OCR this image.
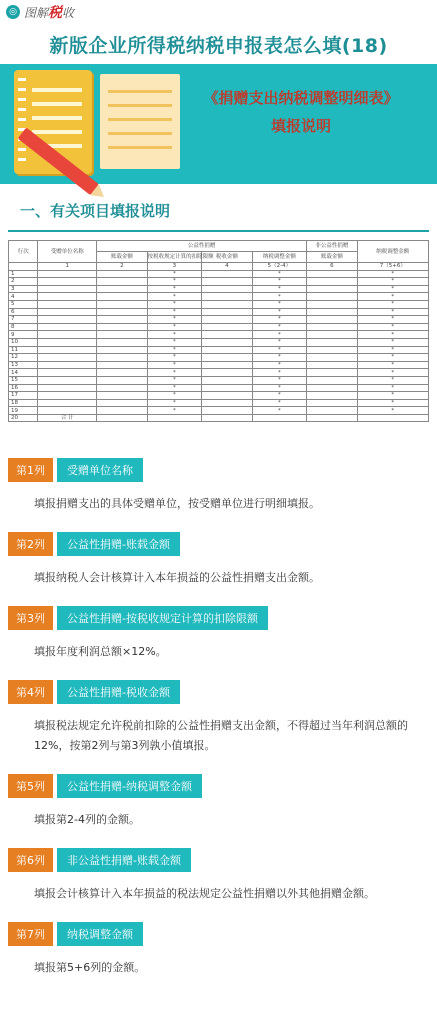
◎ 图解税收
新版企业所得税纳税申报表怎么填(18)
《捐赠支出纳税调整明细表》
填报说明
一、有关项目填报说明
行次	受赠单位名称	公益性捐赠				非公益性捐赠	纳税调整金额
		账载金额	按税收规定计算的扣除限额	税收金额	纳税调整金额	账载金额	
	1	2	3	4	5（2-4）	6	7（5+6）
1			*		*		*
2			*		*		*
3			*		*		*
4			*		*		*
5			*		*		*
6			*		*		*
7			*		*		*
8			*		*		*
9			*		*		*
10			*		*		*
11			*		*		*
12			*		*		*
13			*		*		*
14			*		*		*
15			*		*		*
16			*		*		*
17			*		*		*
18			*		*		*
19			*		*		*
20	合 计						
第1列	受赠单位名称
填报捐赠支出的具体受赠单位，按受赠单位进行明细填报。
第2列	公益性捐赠-账载金额
填报纳税人会计核算计入本年损益的公益性捐赠支出金额。
第3列	公益性捐赠-按税收规定计算的扣除限额
填报年度利润总额×12%。
第4列	公益性捐赠-税收金额
填报税法规定允许税前扣除的公益性捐赠支出金额，不得超过当年利润总额的12%，按第2列与第3列孰小值填报。
第5列	公益性捐赠-纳税调整金额
填报第2-4列的金额。
第6列	非公益性捐赠-账载金额
填报会计核算计入本年损益的税法规定公益性捐赠以外其他捐赠金额。
第7列	纳税调整金额
填报第5+6列的金额。
